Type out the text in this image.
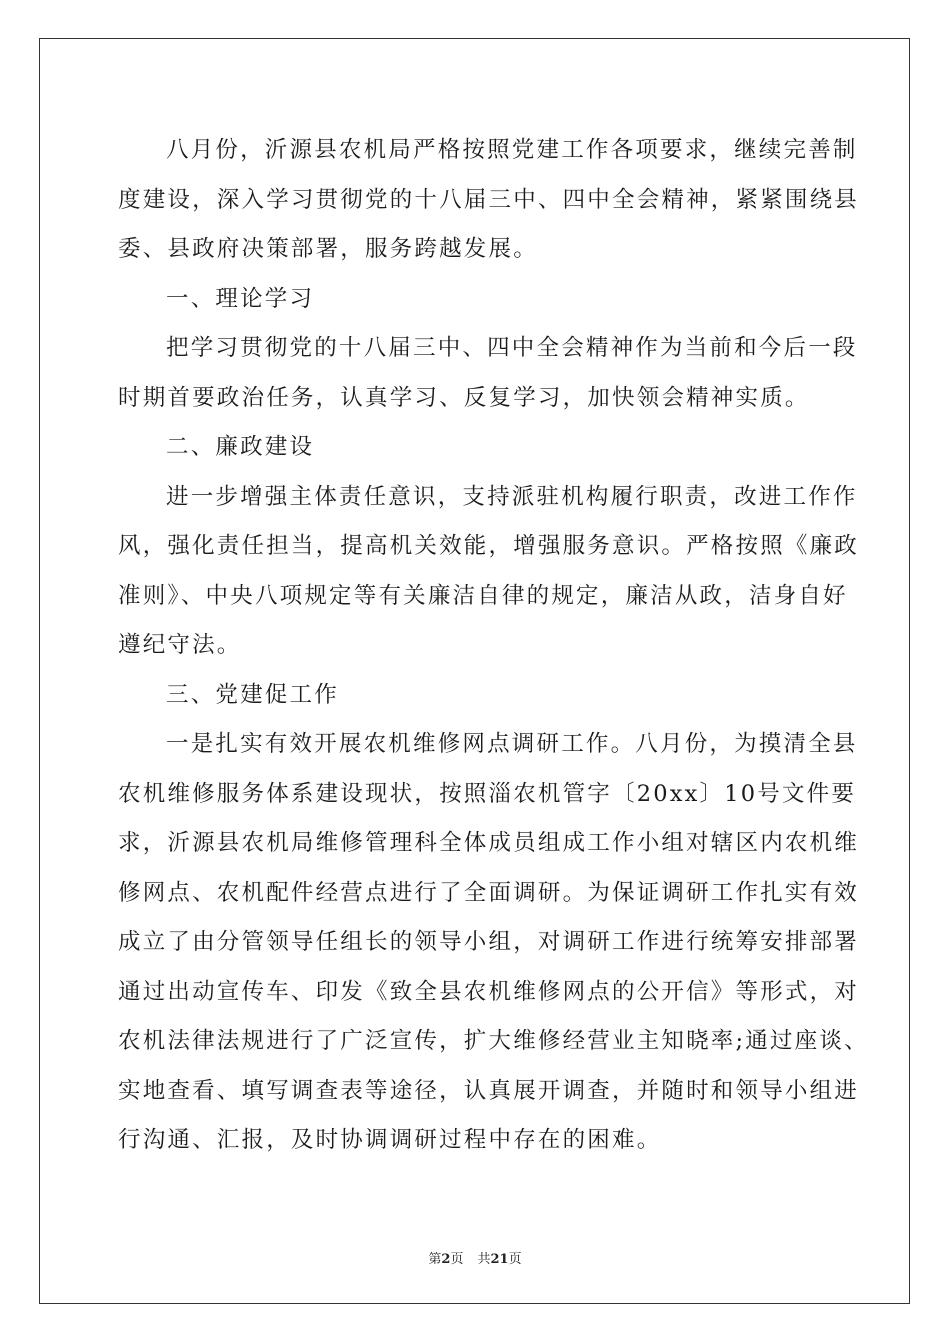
八月份，沂源县农机局严格按照党建工作各项要求，继续完善制
度建设，深入学习贯彻党的十八届三中、四中全会精神，紧紧围绕县
委、县政府决策部署，服务跨越发展。
一、理论学习
把学习贯彻党的十八届三中、四中全会精神作为当前和今后一段
时期首要政治任务，认真学习、反复学习，加快领会精神实质。
二、廉政建设
进一步增强主体责任意识，支持派驻机构履行职责，改进工作作
风，强化责任担当，提高机关效能，增强服务意识。严格按照《廉政
准则》、中央八项规定等有关廉洁自律的规定，廉洁从政，洁身自好
遵纪守法。
三、党建促工作
一是扎实有效开展农机维修网点调研工作。八月份，为摸清全县
农机维修服务体系建设现状，按照淄农机管字〔20xx〕10号文件要
求，沂源县农机局维修管理科全体成员组成工作小组对辖区内农机维
修网点、农机配件经营点进行了全面调研。为保证调研工作扎实有效
成立了由分管领导任组长的领导小组，对调研工作进行统筹安排部署
通过出动宣传车、印发《致全县农机维修网点的公开信》等形式，对
农机法律法规进行了广泛宣传，扩大维修经营业主知晓率;通过座谈、
实地查看、填写调查表等途径，认真展开调查，并随时和领导小组进
行沟通、汇报，及时协调调研过程中存在的困难。
第2页 共21页
